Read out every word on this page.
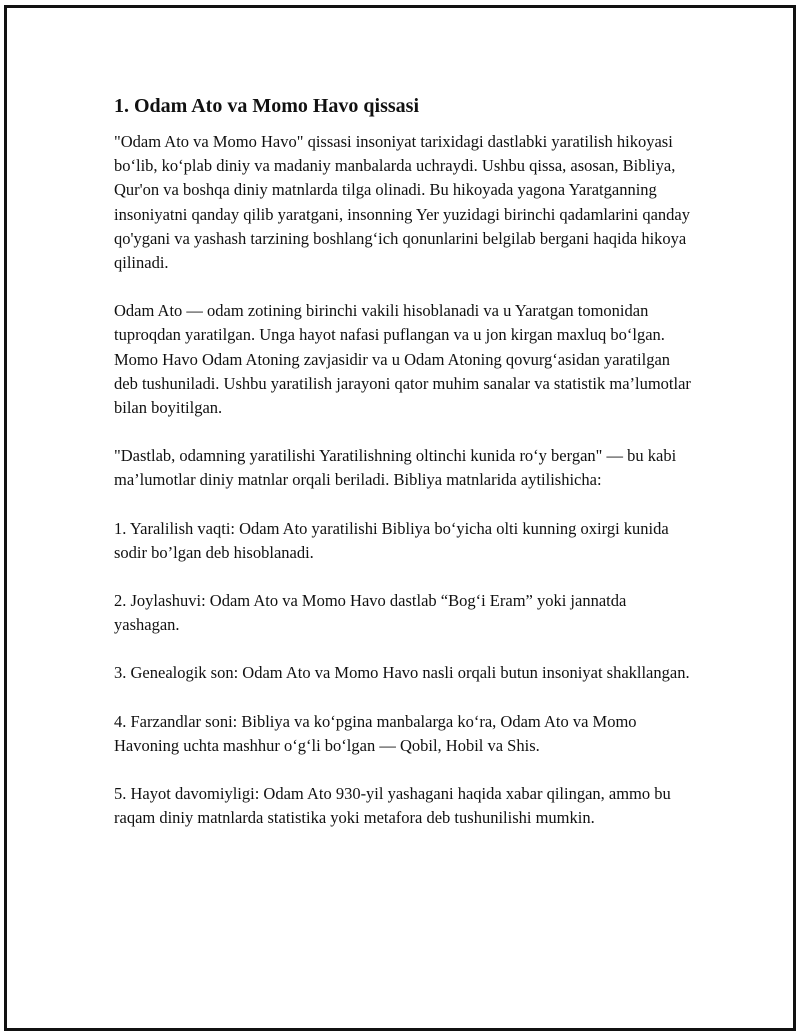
1. Odam Ato va Momo Havo qissasi

"Odam Ato va Momo Havo" qissasi insoniyat tarixidagi dastlabki yaratilish hikoyasi bo‘lib, ko‘plab diniy va madaniy manbalarda uchraydi. Ushbu qissa, asosan, Bibliya, Qur'on va boshqa diniy matnlarda tilga olinadi. Bu hikoyada yagona Yaratganning insoniyatni qanday qilib yaratgani, insonning Yer yuzidagi birinchi qadamlarini qanday qo'ygani va yashash tarzining boshlang‘ich qonunlarini belgilab bergani haqida hikoya qilinadi.

Odam Ato — odam zotining birinchi vakili hisoblanadi va u Yaratgan tomonidan tuproqdan yaratilgan. Unga hayot nafasi puflangan va u jon kirgan maxluq bo‘lgan. Momo Havo Odam Atoning zavjasidir va u Odam Atoning qovurg‘asidan yaratilgan deb tushuniladi. Ushbu yaratilish jarayoni qator muhim sanalar va statistik ma’lumotlar bilan boyitilgan.

"Dastlab, odamning yaratilishi Yaratilishning oltinchi kunida ro‘y bergan" — bu kabi ma’lumotlar diniy matnlar orqali beriladi. Bibliya matnlarida aytilishicha:

1. Yaralilish vaqti: Odam Ato yaratilishi Bibliya bo‘yicha olti kunning oxirgi kunida sodir bo’lgan deb hisoblanadi.

2. Joylashuvi: Odam Ato va Momo Havo dastlab “Bog‘i Eram” yoki jannatda yashagan.

3. Genealogik son: Odam Ato va Momo Havo nasli orqali butun insoniyat shakllangan.

4. Farzandlar soni: Bibliya va ko‘pgina manbalarga ko‘ra, Odam Ato va Momo Havoning uchta mashhur o‘g‘li bo‘lgan — Qobil, Hobil va Shis.

5. Hayot davomiyligi: Odam Ato 930-yil yashagani haqida xabar qilingan, ammo bu raqam diniy matnlarda statistika yoki metafora deb tushunilishi mumkin.
